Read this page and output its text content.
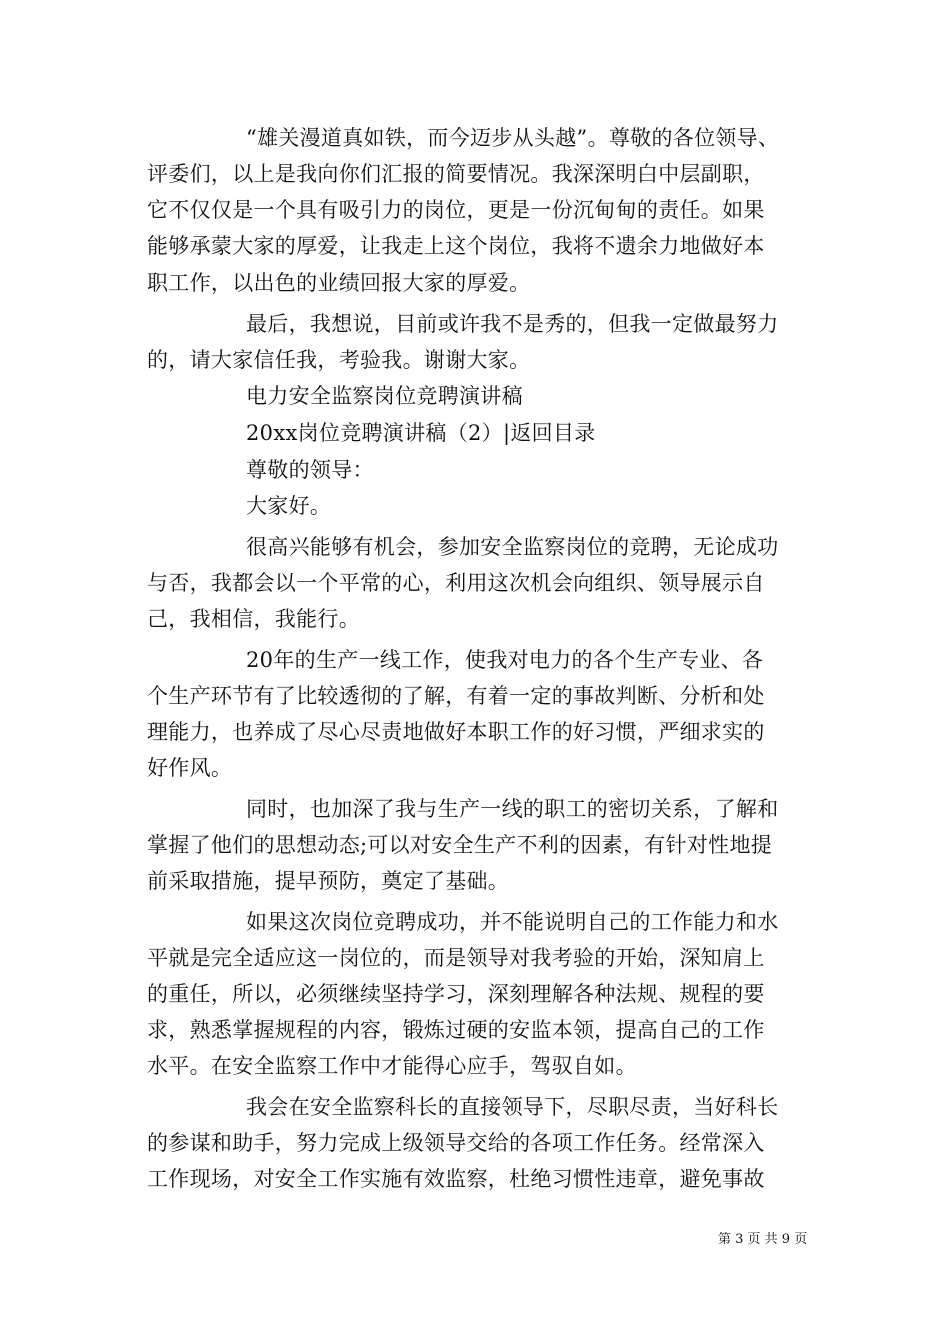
“雄关漫道真如铁，而今迈步从头越”。尊敬的各位领导、
评委们，以上是我向你们汇报的简要情况。我深深明白中层副职，
它不仅仅是一个具有吸引力的岗位，更是一份沉甸甸的责任。如果
能够承蒙大家的厚爱，让我走上这个岗位，我将不遗余力地做好本
职工作，以出色的业绩回报大家的厚爱。
最后，我想说，目前或许我不是秀的，但我一定做最努力
的，请大家信任我，考验我。谢谢大家。
电力安全监察岗位竞聘演讲稿
20xx岗位竞聘演讲稿（2）|返回目录
尊敬的领导：
大家好。
很高兴能够有机会，参加安全监察岗位的竞聘，无论成功
与否，我都会以一个平常的心，利用这次机会向组织、领导展示自
己，我相信，我能行。
20年的生产一线工作，使我对电力的各个生产专业、各
个生产环节有了比较透彻的了解，有着一定的事故判断、分析和处
理能力，也养成了尽心尽责地做好本职工作的好习惯，严细求实的
好作风。
同时，也加深了我与生产一线的职工的密切关系，了解和
掌握了他们的思想动态;可以对安全生产不利的因素，有针对性地提
前采取措施，提早预防，奠定了基础。
如果这次岗位竞聘成功，并不能说明自己的工作能力和水
平就是完全适应这一岗位的，而是领导对我考验的开始，深知肩上
的重任，所以，必须继续坚持学习，深刻理解各种法规、规程的要
求，熟悉掌握规程的内容，锻炼过硬的安监本领，提高自己的工作
水平。在安全监察工作中才能得心应手，驾驭自如。
我会在安全监察科长的直接领导下，尽职尽责，当好科长
的参谋和助手，努力完成上级领导交给的各项工作任务。经常深入
工作现场，对安全工作实施有效监察，杜绝习惯性违章，避免事故
第 3 页 共 9 页
